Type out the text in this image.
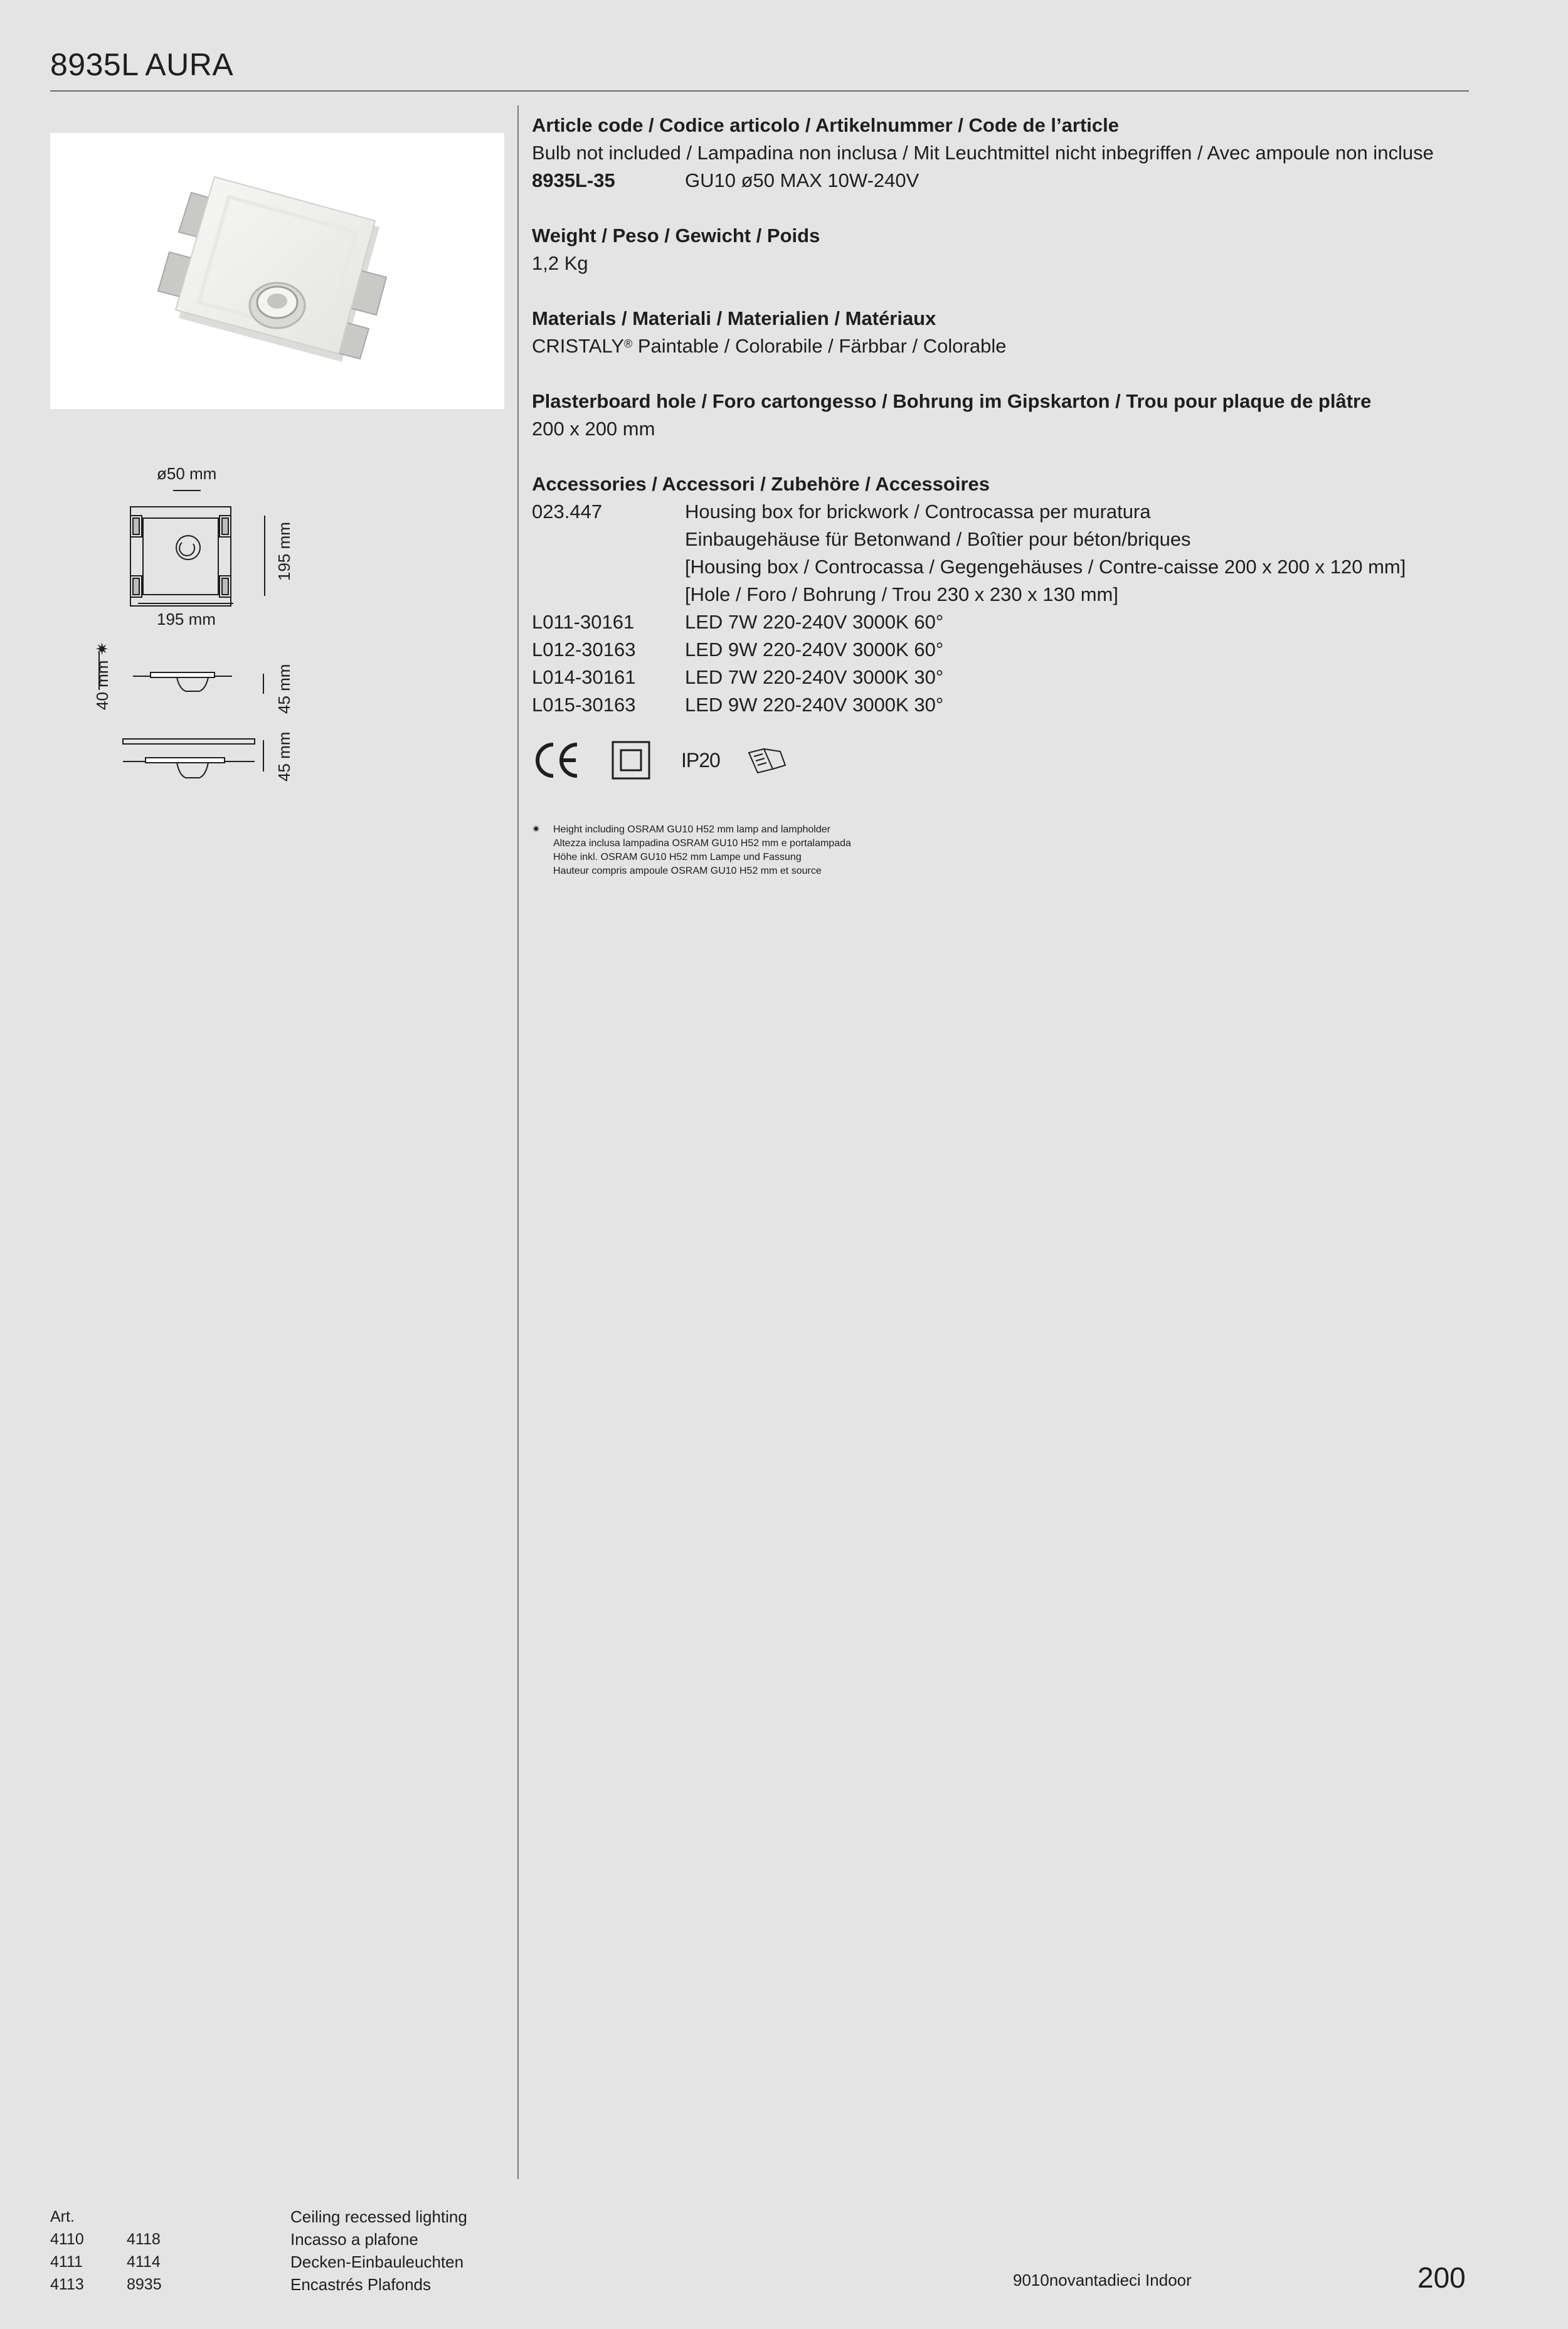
8935L AURA
ø50 mm
195 mm
195 mm
40 mm ✷
45 mm
45 mm
Article code / Codice articolo / Artikelnummer / Code de l’article
Bulb not included / Lampadina non inclusa / Mit Leuchtmittel nicht inbegriffen / Avec ampoule non incluse
8935L-35	GU10 ø50 MAX 10W-240V
Weight / Peso / Gewicht / Poids
1,2 Kg
Materials / Materiali / Materialien / Matériaux
CRISTALY® Paintable / Colorabile / Färbbar / Colorable
Plasterboard hole / Foro cartongesso / Bohrung im Gipskarton / Trou pour plaque de plâtre
200 x 200 mm
Accessories / Accessori / Zubehöre / Accessoires
023.447	Housing box for brickwork / Controcassa per muratura
Einbaugehäuse für Betonwand / Boîtier pour béton/briques
[Housing box / Controcassa / Gegengehäuses / Contre-caisse 200 x 200 x 120 mm]
[Hole / Foro / Bohrung / Trou 230 x 230 x 130 mm]
L011-30161	LED 7W 220-240V 3000K 60°
L012-30163	LED 9W 220-240V 3000K 60°
L014-30161	LED 7W 220-240V 3000K 30°
L015-30163	LED 9W 220-240V 3000K 30°
IP20
✷ Height including OSRAM GU10 H52 mm lamp and lampholder
Altezza inclusa lampadina OSRAM GU10 H52 mm e portalampada
Höhe inkl. OSRAM GU10 H52 mm Lampe und Fassung
Hauteur compris ampoule OSRAM GU10 H52 mm et source
Art.
4110	4118
4111	4114
4113	8935
Ceiling recessed lighting
Incasso a plafone
Decken-Einbauleuchten
Encastrés Plafonds	9010novantadieci Indoor	200
